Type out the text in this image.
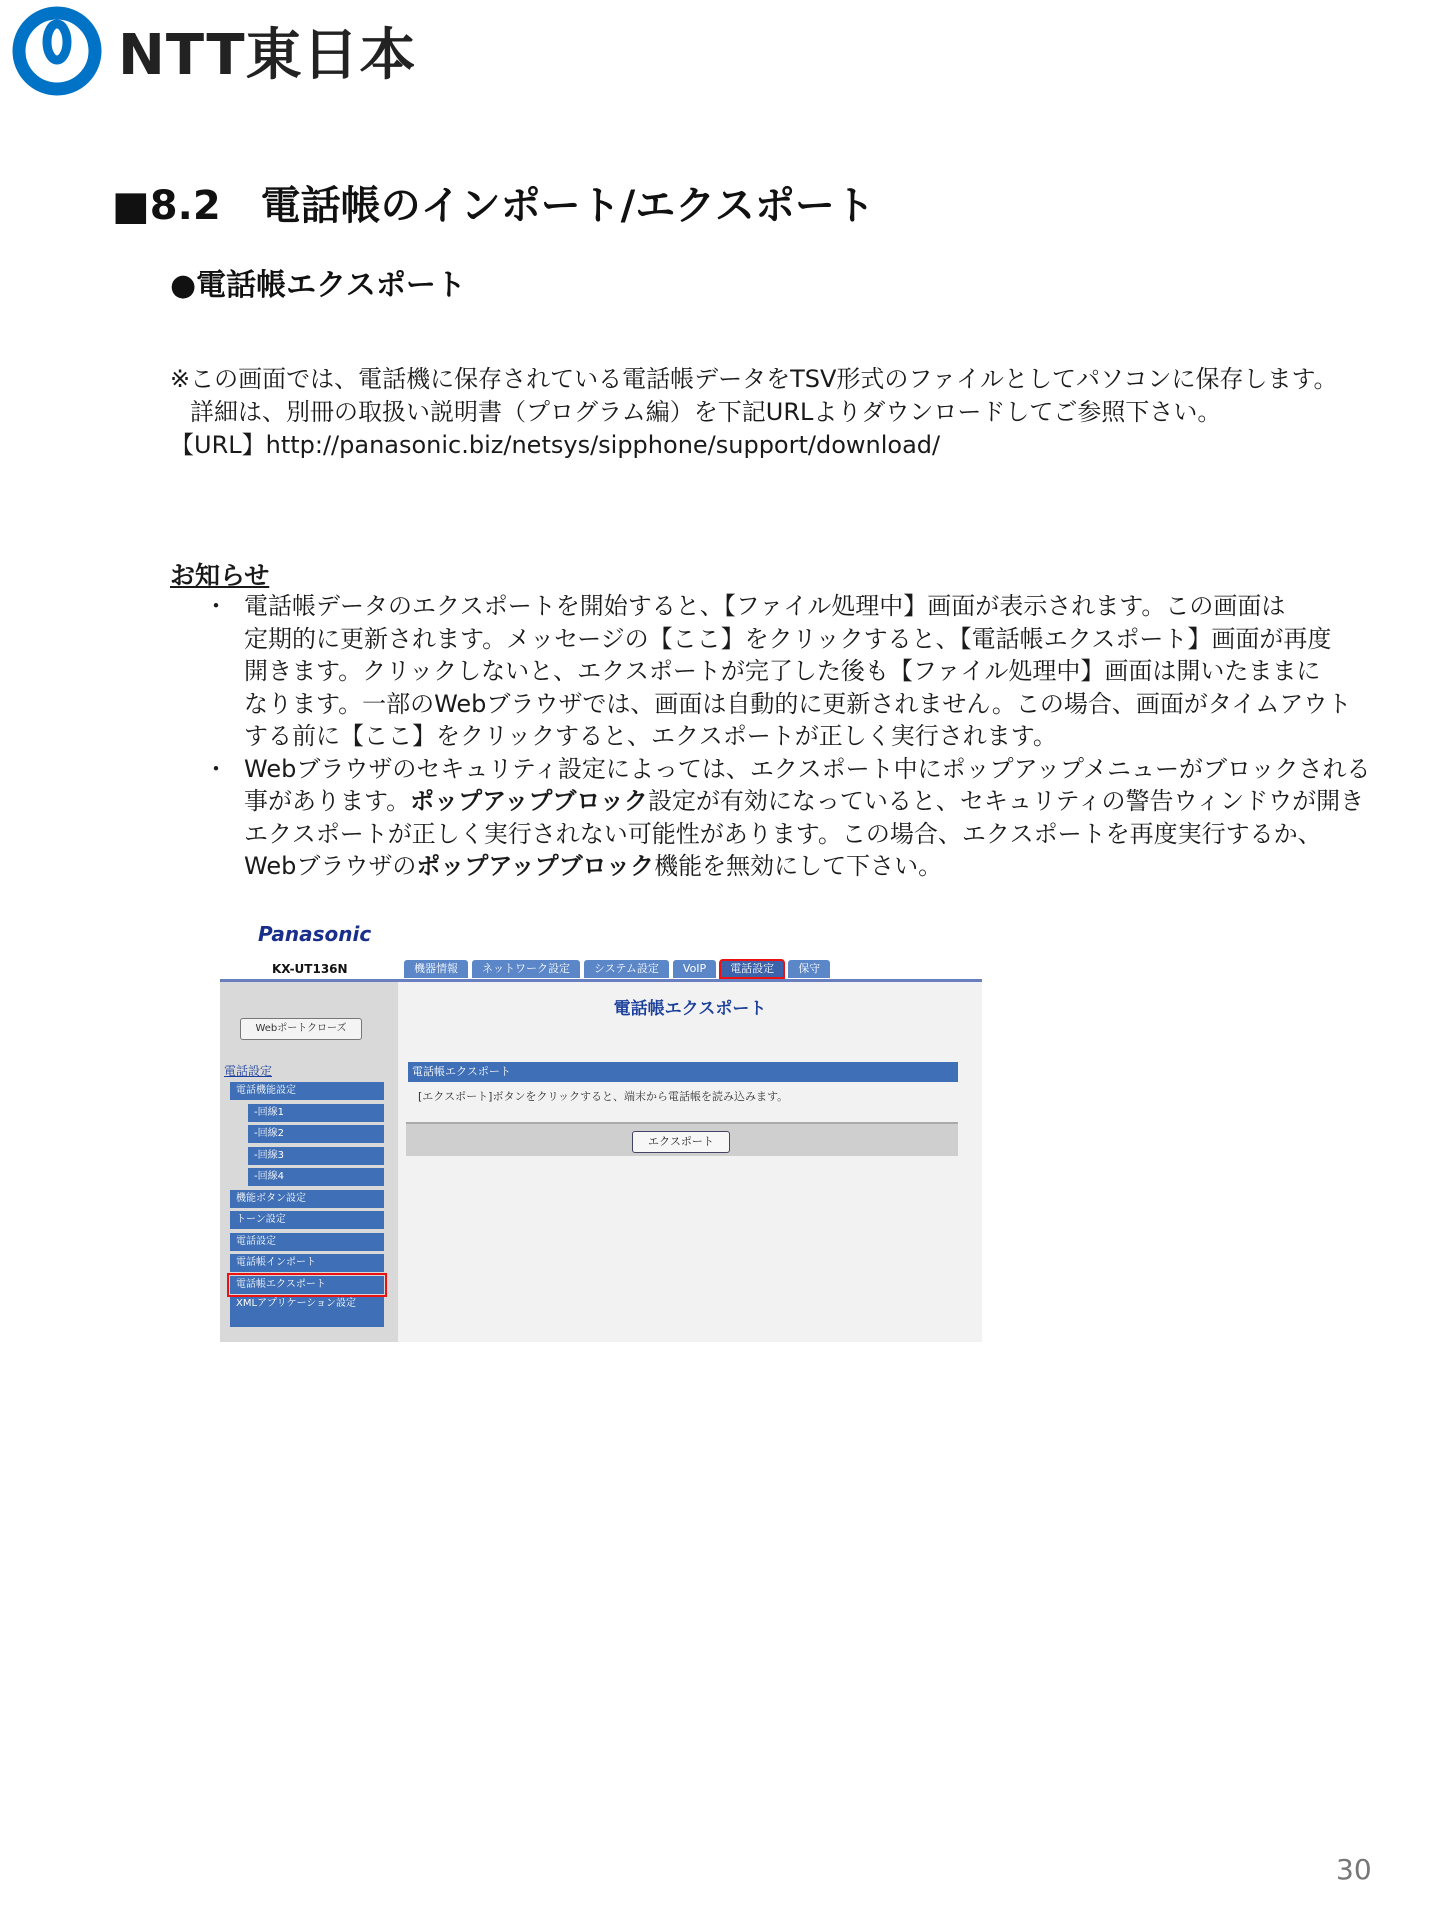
NTT東日本
■8.2　電話帳のインポート/エクスポート
●電話帳エクスポート
※この画面では、電話機に保存されている電話帳データをTSV形式のファイルとしてパソコンに保存します。
詳細は、別冊の取扱い説明書（プログラム編）を下記URLよりダウンロードしてご参照下さい。
【URL】http://panasonic.biz/netsys/sipphone/support/download/
お知らせ
・ 電話帳データのエクスポートを開始すると、【ファイル処理中】画面が表示されます。この画面は
定期的に更新されます。メッセージの【ここ】をクリックすると、【電話帳エクスポート】画面が再度
開きます。クリックしないと、エクスポートが完了した後も【ファイル処理中】画面は開いたままに
なります。一部のWebブラウザでは、画面は自動的に更新されません。この場合、画面がタイムアウト
する前に【ここ】をクリックすると、エクスポートが正しく実行されます。
・ Webブラウザのセキュリティ設定によっては、エクスポート中にポップアップメニューがブロックされる
事があります。ポップアップブロック設定が有効になっていると、セキュリティの警告ウィンドウが開き
エクスポートが正しく実行されない可能性があります。この場合、エクスポートを再度実行するか、
Webブラウザのポップアップブロック機能を無効にして下さい。
Panasonic
KX-UT136N	機器情報	ネットワーク設定	システム設定	VoIP	電話設定	保守
Webポートクローズ
電話設定
電話機能設定
-回線1
-回線2
-回線3
-回線4
機能ボタン設定
トーン設定
電話設定
電話帳インポート
電話帳エクスポート
XMLアプリケーション設定
電話帳エクスポート
電話帳エクスポート
[エクスポート]ボタンをクリックすると、端末から電話帳を読み込みます。
エクスポート
30
